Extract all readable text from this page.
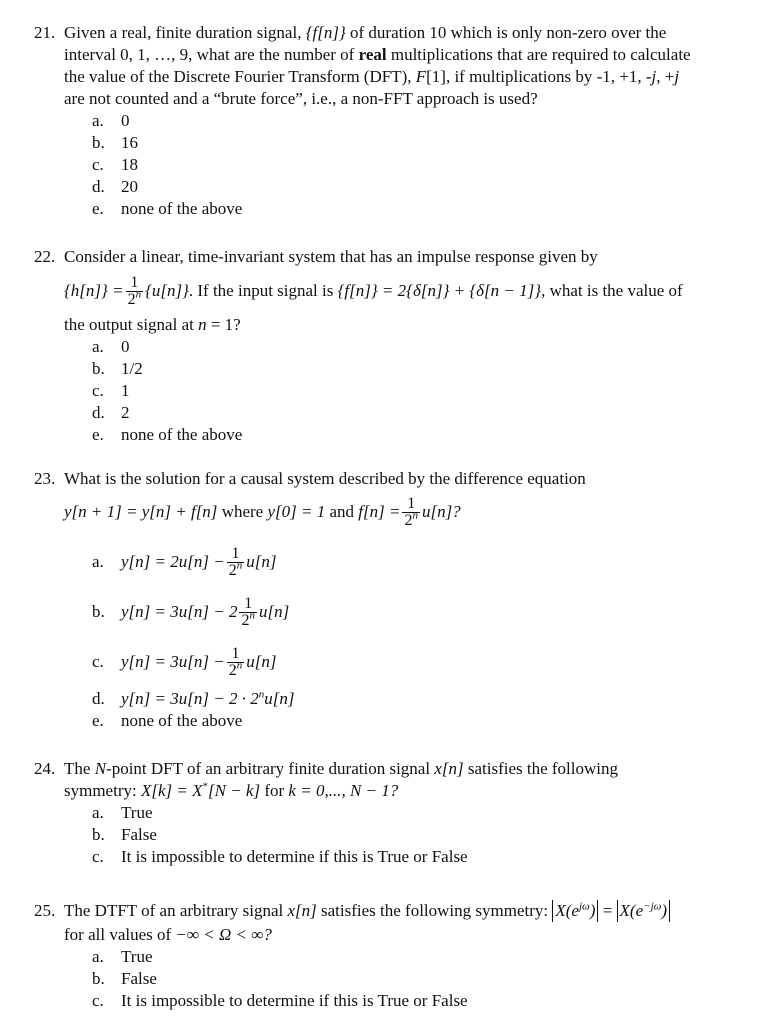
21. Given a real, finite duration signal, {f[n]} of duration 10 which is only non-zero over the
interval 0, 1, …, 9, what are the number of real multiplications that are required to calculate
the value of the Discrete Fourier Transform (DFT), F[1], if multiplications by -1, +1, -j, +j
are not counted and a “brute force”, i.e., a non-FFT approach is used?
a. 0
b. 16
c. 18
d. 20
e. none of the above
22. Consider a linear, time-invariant system that has an impulse response given by
$\{h[n]\} = \frac{1}{2^n} \{u[n]\}$ . If the input signal is
{f[n]} = 2{δ[n]} + {δ[n − 1]} , what is the value of
the output signal at n = 1?
a. 0
b. 1/2
c. 1
d. 2
e. none of the above
23. What is the solution for a causal system described by the difference equation
y[n + 1] = y[n] + f[n]
where
y[0] = 1
and
$f[n] = \frac{1}{2^n} u[n]$?
a. $y[n] = 2u[n] - \frac{1}{2^n} u[n]$
b. $y[n] = 3u[n] - 2 \frac{1}{2^n} u[n]$
c. $y[n] = 3u[n] - \frac{1}{2^n} u[n]$
d. $y[n] = 3u[n] - 2 \cdot 2^nu[n]$
e. none of the above
24. The N-point DFT of an arbitrary finite duration signal x[n] satisfies the following
symmetry: X[k] = X*[N − k] for k = 0,..., N − 1?
a. True
b. False
c. It is impossible to determine if this is True or False
25. The DTFT of an arbitrary signal
x[n]
satisfies the following symmetry:
$X(e^{j\omega}) = X(e^{-j\omega})$
for all values of −∞ < Ω < ∞?
a. True
b. False
c. It is impossible to determine if this is True or False
